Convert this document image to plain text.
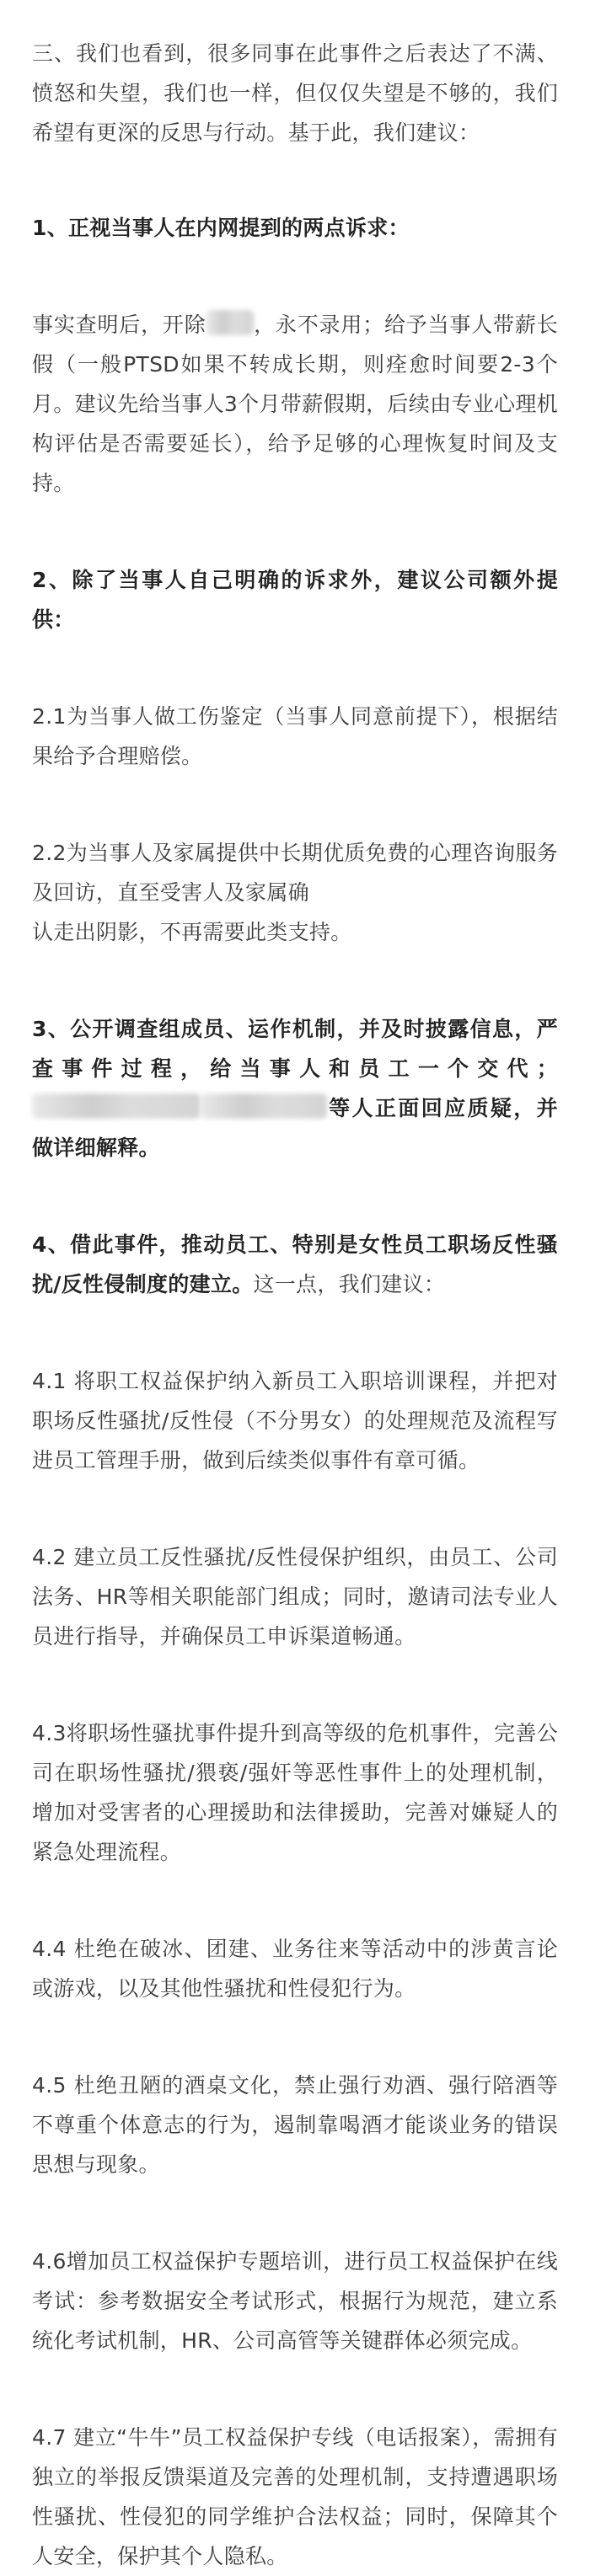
三、我们也看到，很多同事在此事件之后表达了不满、愤怒和失望，我们也一样，但仅仅失望是不够的，我们希望有更深的反思与行动。基于此，我们建议：

1、正视当事人在内网提到的两点诉求：

事实查明后，开除 ，永不录用；给予当事人带薪长假（一般PTSD如果不转成长期，则痊愈时间要2-3个月。建议先给当事人3个月带薪假期，后续由专业心理机构评估是否需要延长），给予足够的心理恢复时间及支持。

2、除了当事人自己明确的诉求外，建议公司额外提供：

2.1为当事人做工伤鉴定（当事人同意前提下），根据结果给予合理赔偿。

2.2为当事人及家属提供中长期优质免费的心理咨询服务及回访，直至受害人及家属确
认走出阴影，不再需要此类支持。

3、公开调查组成员、运作机制，并及时披露信息，严查事件过程，给当事人和员工一个交代；等人正面回应质疑，并做详细解释。

4、借此事件，推动员工、特别是女性员工职场反性骚扰/反性侵制度的建立。这一点，我们建议：

4.1 将职工权益保护纳入新员工入职培训课程，并把对职场反性骚扰/反性侵（不分男女）的处理规范及流程写进员工管理手册，做到后续类似事件有章可循。

4.2 建立员工反性骚扰/反性侵保护组织，由员工、公司法务、HR等相关职能部门组成；同时，邀请司法专业人员进行指导，并确保员工申诉渠道畅通。

4.3将职场性骚扰事件提升到高等级的危机事件，完善公司在职场性骚扰/猥亵/强奸等恶性事件上的处理机制，增加对受害者的心理援助和法律援助，完善对嫌疑人的紧急处理流程。

4.4 杜绝在破冰、团建、业务往来等活动中的涉黄言论或游戏，以及其他性骚扰和性侵犯行为。

4.5 杜绝丑陋的酒桌文化，禁止强行劝酒、强行陪酒等不尊重个体意志的行为，遏制靠喝酒才能谈业务的错误思想与现象。

4.6增加员工权益保护专题培训，进行员工权益保护在线考试：参考数据安全考试形式，根据行为规范，建立系统化考试机制，HR、公司高管等关键群体必须完成。

4.7 建立“牛牛”员工权益保护专线（电话报案），需拥有独立的举报反馈渠道及完善的处理机制，支持遭遇职场性骚扰、性侵犯的同学维护合法权益；同时，保障其个人安全，保护其个人隐私。
